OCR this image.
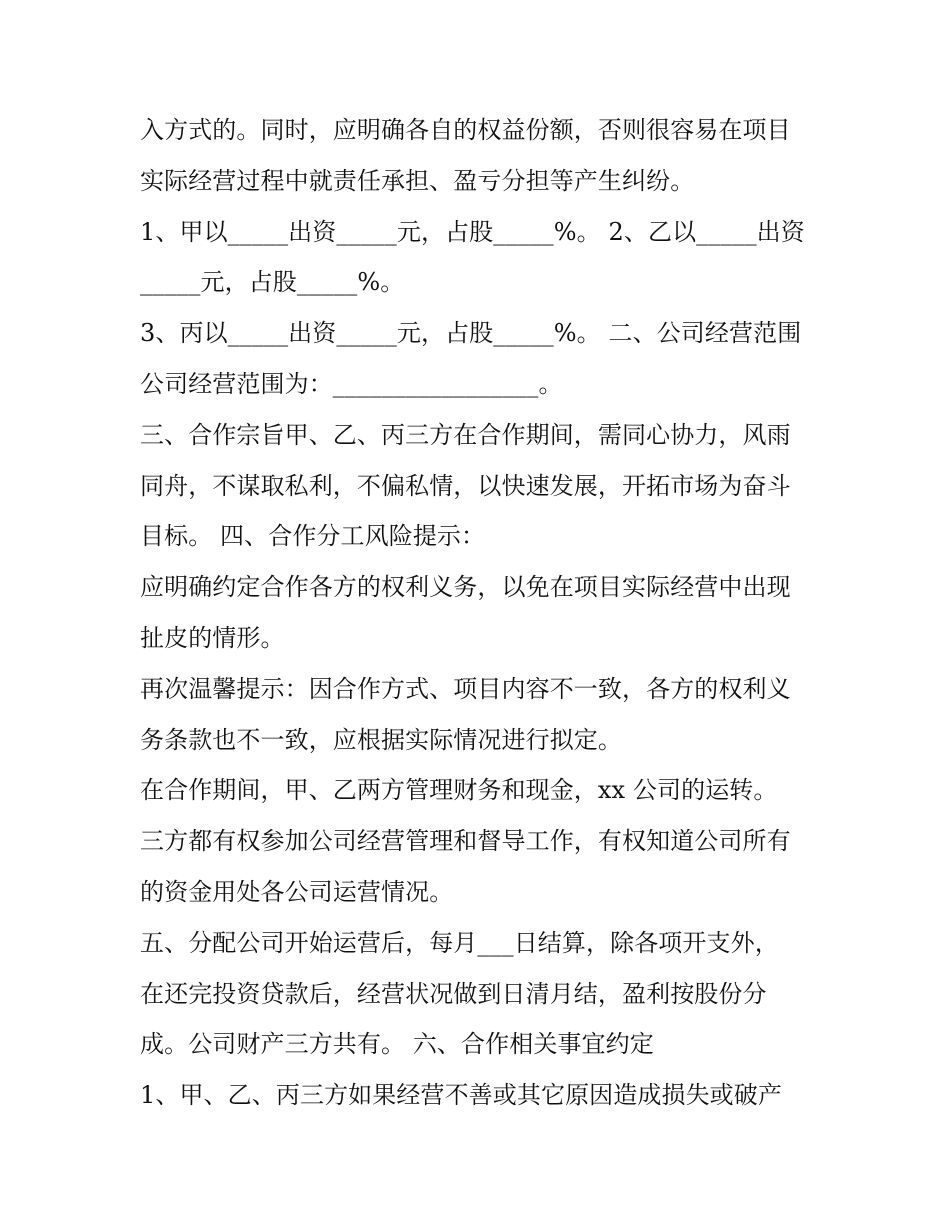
入方式的。同时，应明确各自的权益份额，否则很容易在项目
实际经营过程中就责任承担、盈亏分担等产生纠纷。
1、甲以_____出资_____元，占股_____%。 2、乙以_____出资
_____元，占股_____%。
3、丙以_____出资_____元，占股_____%。 二、公司经营范围
公司经营范围为：_________________。
三、合作宗旨甲、乙、丙三方在合作期间，需同心协力，风雨
同舟，不谋取私利，不偏私情，以快速发展，开拓市场为奋斗
目标。 四、合作分工风险提示：
应明确约定合作各方的权利义务，以免在项目实际经营中出现
扯皮的情形。
再次温馨提示：因合作方式、项目内容不一致，各方的权利义
务条款也不一致，应根据实际情况进行拟定。
在合作期间，甲、乙两方管理财务和现金，xx 公司的运转。
三方都有权参加公司经营管理和督导工作，有权知道公司所有
的资金用处各公司运营情况。
五、分配公司开始运营后，每月___日结算，除各项开支外，
在还完投资贷款后，经营状况做到日清月结，盈利按股份分
成。公司财产三方共有。 六、合作相关事宜约定
1、甲、乙、丙三方如果经营不善或其它原因造成损失或破产
